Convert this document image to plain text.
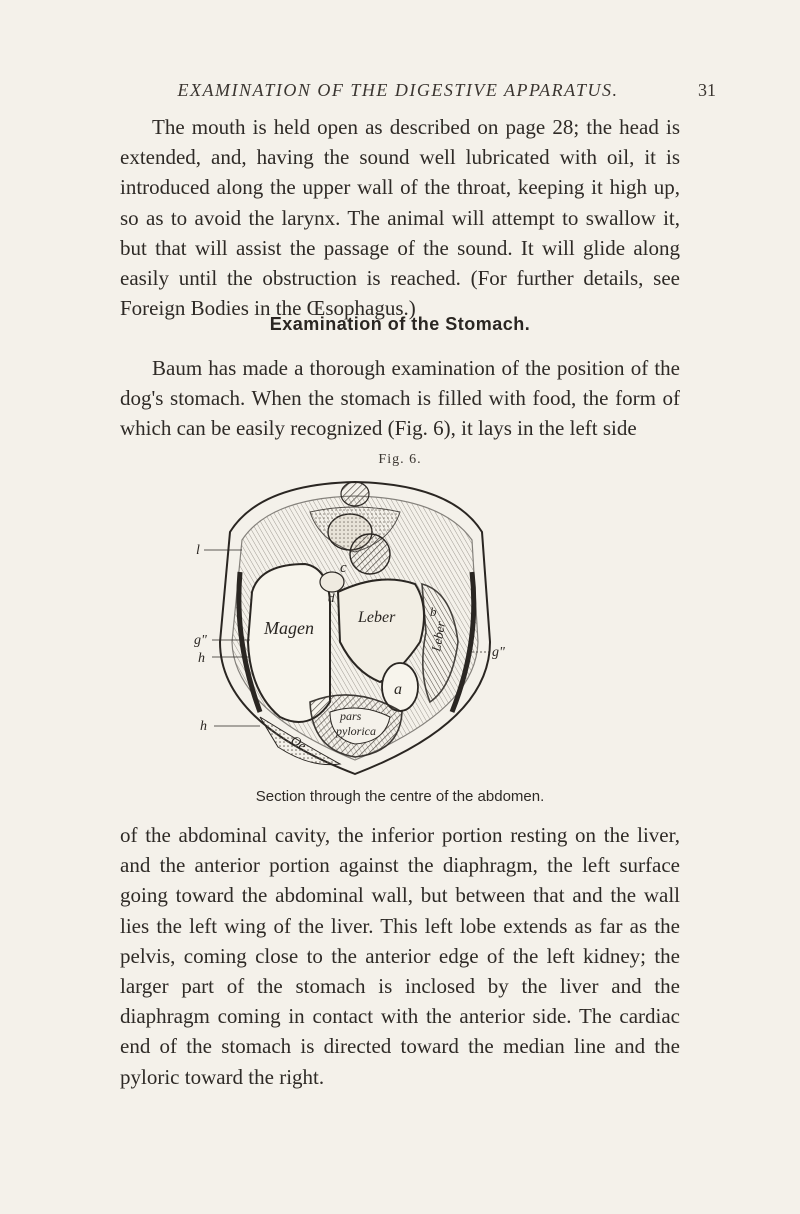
EXAMINATION OF THE DIGESTIVE APPARATUS.	31

The mouth is held open as described on page 28; the head is extended, and, having the sound well lubricated with oil, it is introduced along the upper wall of the throat, keeping it high up, so as to avoid the larynx. The animal will attempt to swallow it, but that will assist the passage of the sound. It will glide along easily until the obstruction is reached. (For further details, see Foreign Bodies in the Œsophagus.)

Examination of the Stomach.

Baum has made a thorough examination of the position of the dog's stomach. When the stomach is filled with food, the form of which can be easily recognized (Fig. 6), it lays in the left side

Fig. 6.
Magen
Leber
Leber
pars
pylorica
Oe
c
d
a
b
l
g"
h
h
g"
Section through the centre of the abdomen.

of the abdominal cavity, the inferior portion resting on the liver, and the anterior portion against the diaphragm, the left surface going toward the abdominal wall, but between that and the wall lies the left wing of the liver. This left lobe extends as far as the pelvis, coming close to the anterior edge of the left kidney; the larger part of the stomach is inclosed by the liver and the diaphragm coming in contact with the anterior side. The cardiac end of the stomach is directed toward the median line and the pyloric toward the right.
